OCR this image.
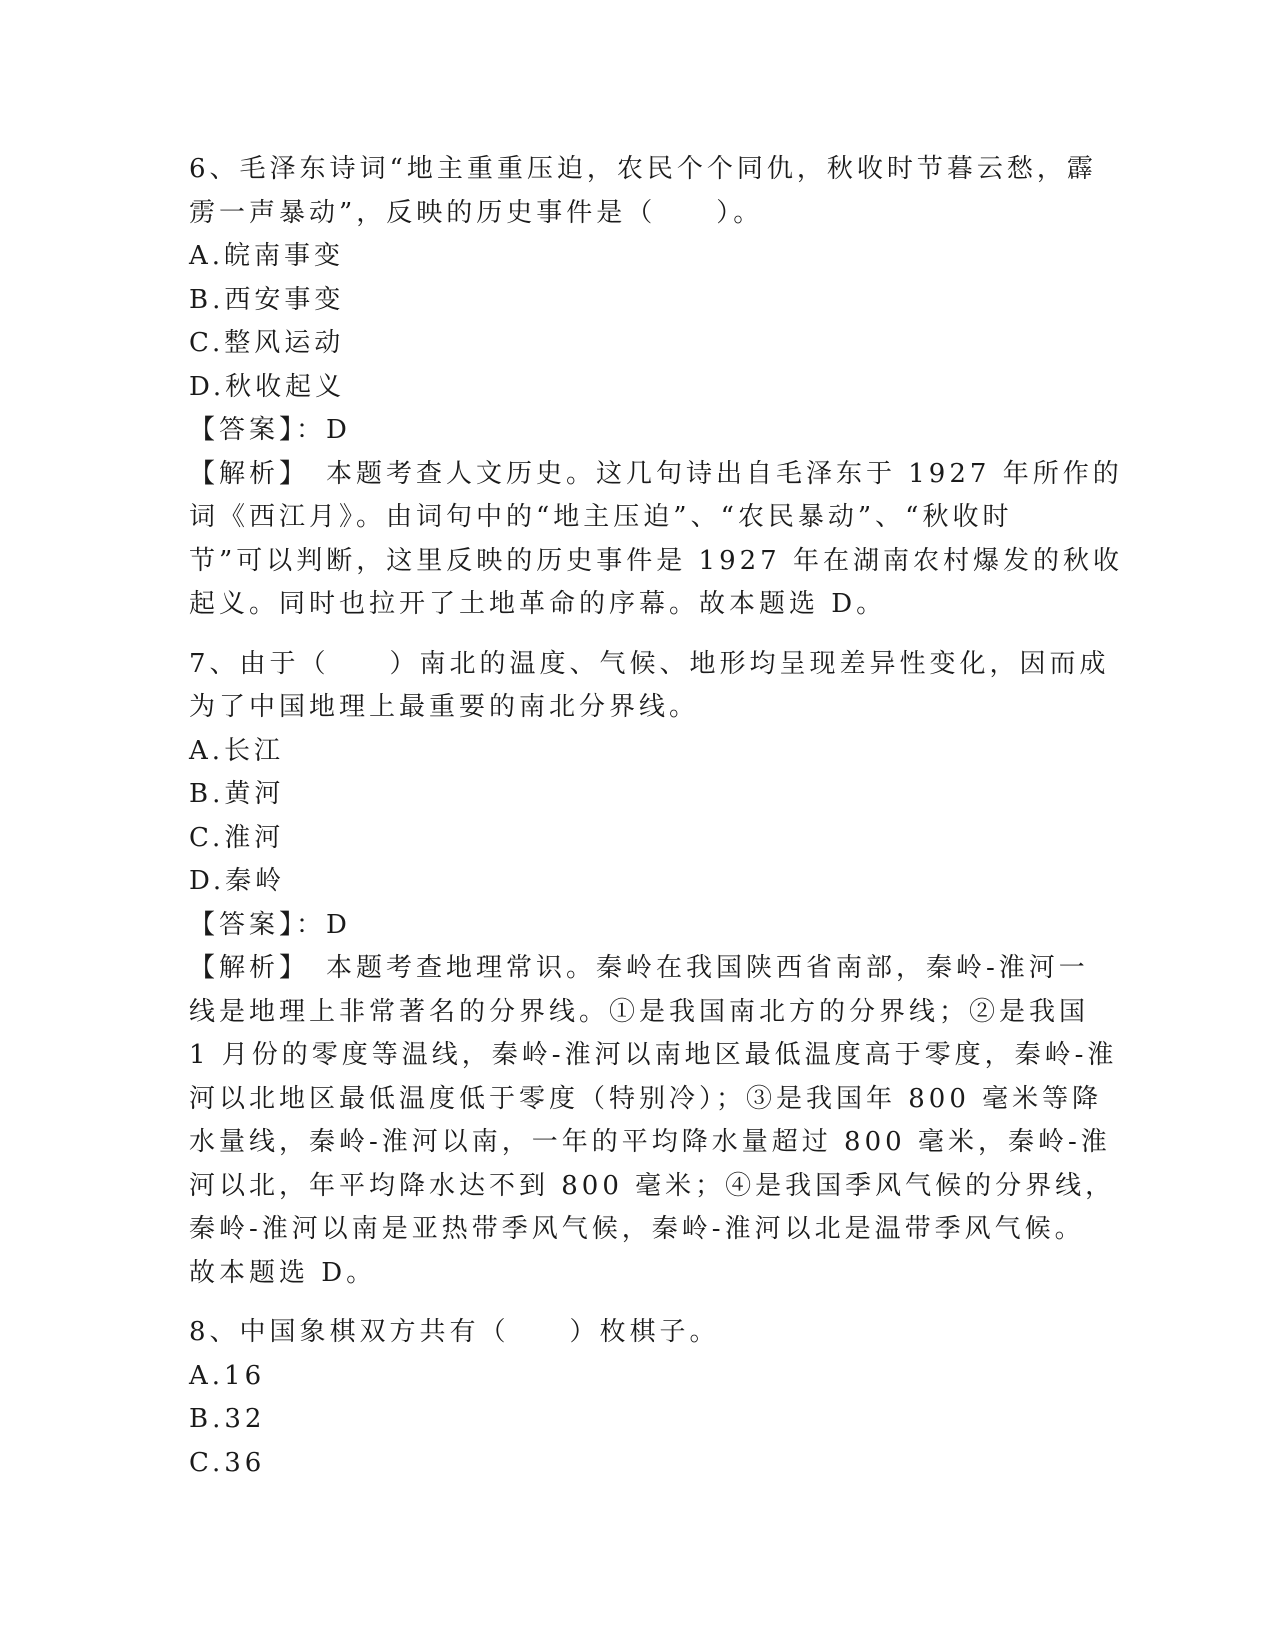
6、毛泽东诗词“地主重重压迫，农民个个同仇，秋收时节暮云愁，霹
雳一声暴动”，反映的历史事件是（　　）。
A.皖南事变
B.西安事变
C.整风运动
D.秋收起义
【答案】：D
【解析】　本题考查人文历史。这几句诗出自毛泽东于 1927 年所作的
词《西江月》。由词句中的“地主压迫”、“农民暴动”、“秋收时
节”可以判断，这里反映的历史事件是 1927 年在湖南农村爆发的秋收
起义。同时也拉开了土地革命的序幕。故本题选 D。
7、由于（　　）南北的温度、气候、地形均呈现差异性变化，因而成
为了中国地理上最重要的南北分界线。
A.长江
B.黄河
C.淮河
D.秦岭
【答案】：D
【解析】　本题考查地理常识。秦岭在我国陕西省南部，秦岭-淮河一
线是地理上非常著名的分界线。①是我国南北方的分界线；②是我国
1 月份的零度等温线，秦岭-淮河以南地区最低温度高于零度，秦岭-淮
河以北地区最低温度低于零度（特别冷）；③是我国年 800 毫米等降
水量线，秦岭-淮河以南，一年的平均降水量超过 800 毫米，秦岭-淮
河以北，年平均降水达不到 800 毫米；④是我国季风气候的分界线，
秦岭-淮河以南是亚热带季风气候，秦岭-淮河以北是温带季风气候。
故本题选 D。
8、中国象棋双方共有（　　）枚棋子。
A.16
B.32
C.36
